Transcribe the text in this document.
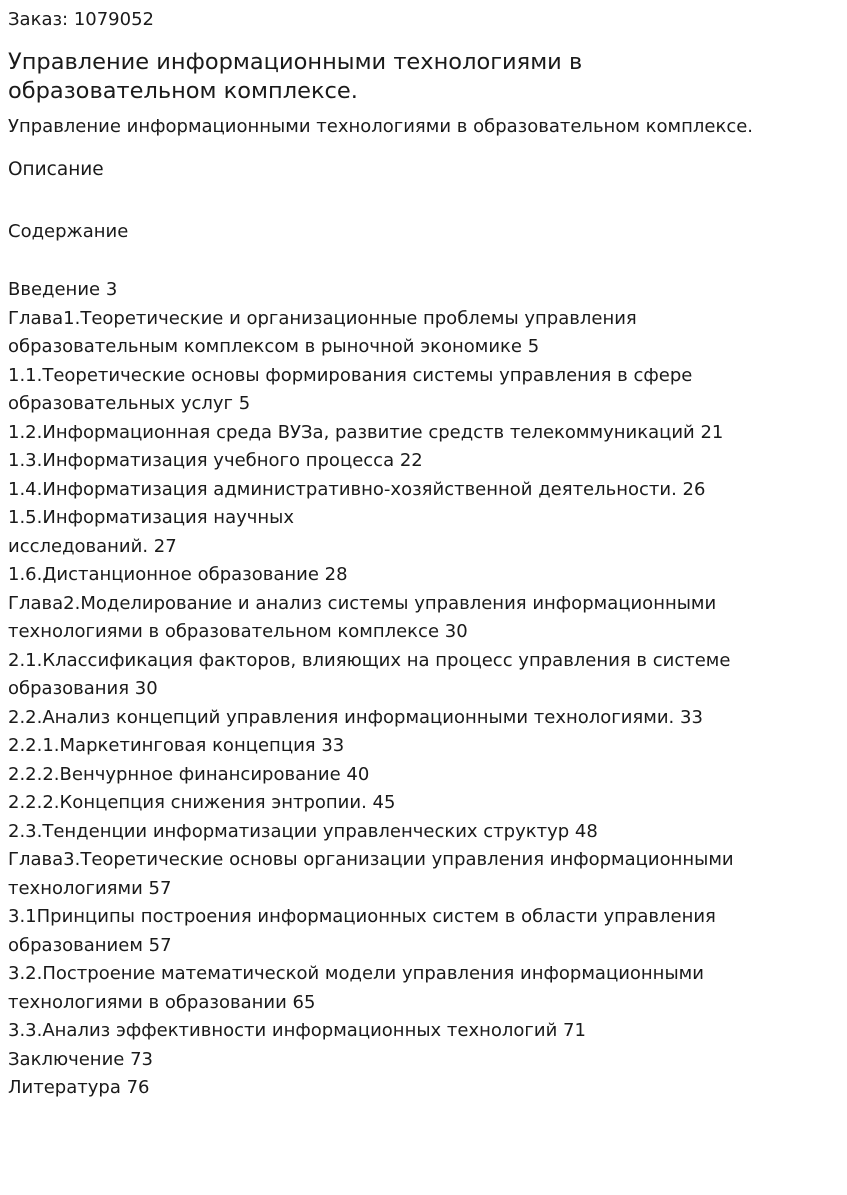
Заказ: 1079052
Управление информационными технологиями в образовательном комплексе.
Управление информационными технологиями в образовательном комплексе.
Описание
Содержание
Введение 3
Глава1.Теоретические и организационные проблемы управления
образовательным комплексом в рыночной экономике 5
1.1.Теоретические основы формирования системы управления в сфере
образовательных услуг 5
1.2.Информационная среда ВУЗа, развитие средств телекоммуникаций 21
1.3.Информатизация учебного процесса 22
1.4.Информатизация административно-хозяйственной деятельности. 26
1.5.Информатизация научных
исследований. 27
1.6.Дистанционное образование 28
Глава2.Моделирование и анализ системы управления информационными
технологиями в образовательном комплексе 30
2.1.Классификация факторов, влияющих на процесс управления в системе
образования 30
2.2.Анализ концепций управления информационными технологиями. 33
2.2.1.Маркетинговая концепция 33
2.2.2.Венчурнное финансирование 40
2.2.2.Концепция снижения энтропии. 45
2.3.Тенденции информатизации управленческих структур 48
Глава3.Теоретические основы организации управления информационными
технологиями 57
3.1Принципы построения информационных систем в области управления
образованием 57
3.2.Построение математической модели управления информационными
технологиями в образовании 65
3.3.Анализ эффективности информационных технологий 71
Заключение 73
Литература 76
